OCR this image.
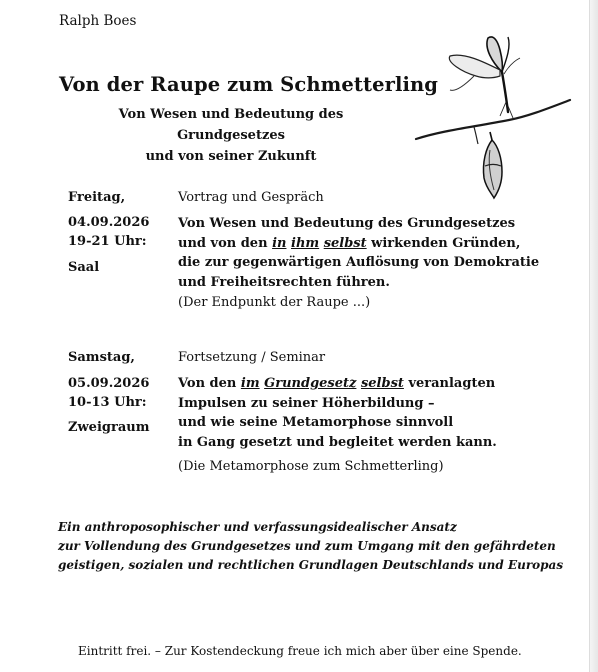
Ralph Boes
Von der Raupe zum Schmetterling
Von Wesen und Bedeutung des Grundgesetzes
und von seiner Zukunft
Freitag,	Vortrag und Gespräch
04.09.2026
19-21 Uhr:
Saal
Von Wesen und Bedeutung des Grundgesetzes
und von den in ihm selbst wirkenden Gründen,
die zur gegenwärtigen Auflösung von Demokratie
und Freiheitsrechten führen.
(Der Endpunkt der Raupe ...)
Samstag,	Fortsetzung / Seminar
05.09.2026
10-13 Uhr:
Zweigraum
Von den im Grundgesetz selbst veranlagten
Impulsen zu seiner Höherbildung –
und wie seine Metamorphose sinnvoll
in Gang gesetzt und begleitet werden kann.
(Die Metamorphose zum Schmetterling)
Ein anthroposophischer und verfassungsidealischer Ansatz
zur Vollendung des Grundgesetzes und zum Umgang mit den gefährdeten
geistigen, sozialen und rechtlichen Grundlagen Deutschlands und Europas
Eintritt frei. – Zur Kostendeckung freue ich mich aber über eine Spende.
